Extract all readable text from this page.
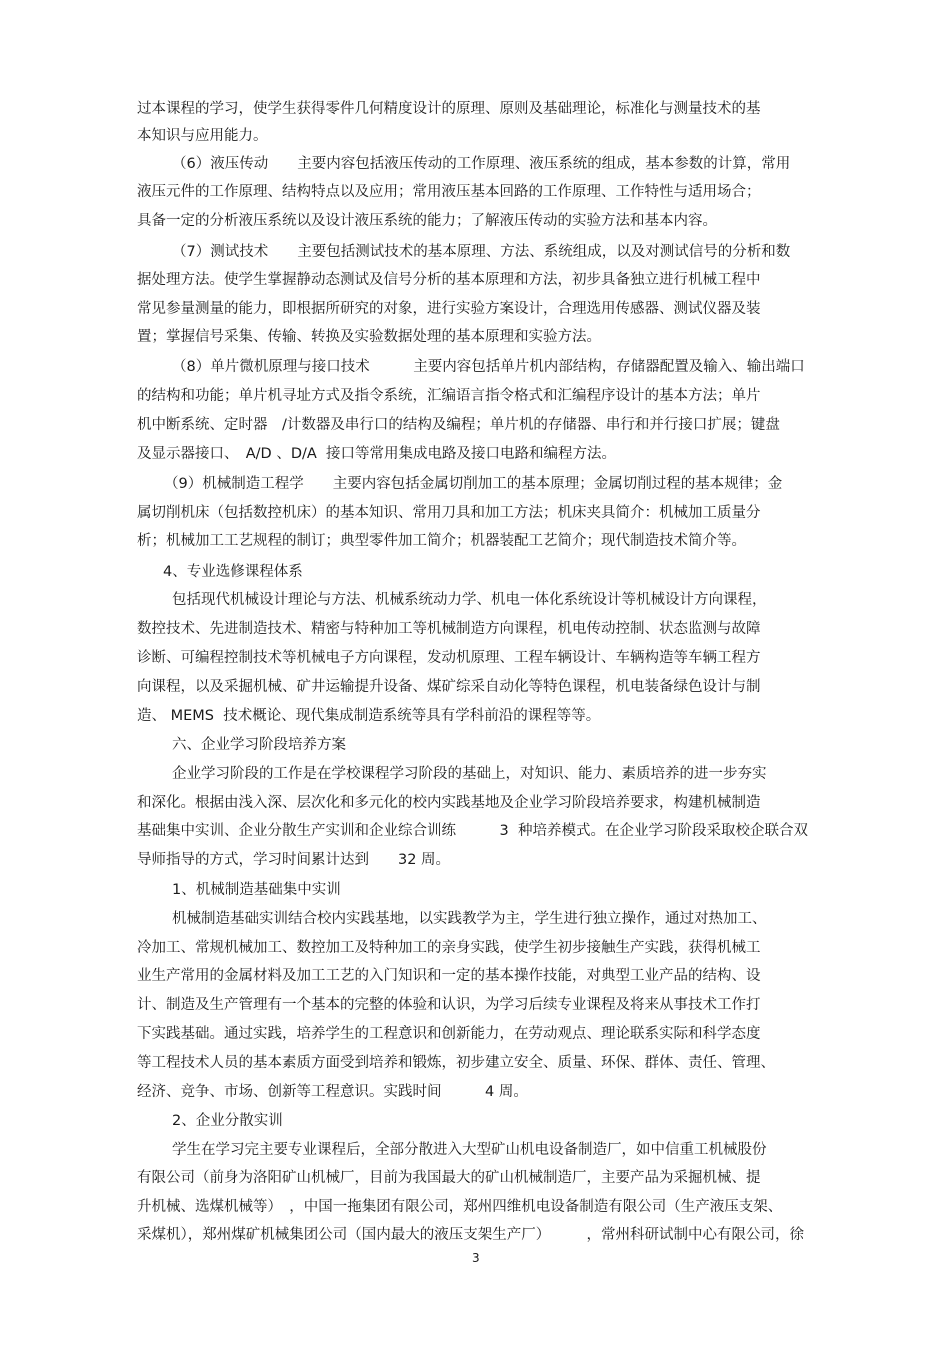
过本课程的学习，使学生获得零件几何精度设计的原理、原则及基础理论，标准化与测量技术的基
本知识与应用能力。
（6）液压传动　　主要内容包括液压传动的工作原理、液压系统的组成，基本参数的计算，常用
液压元件的工作原理、结构特点以及应用；常用液压基本回路的工作原理、工作特性与适用场合；
具备一定的分析液压系统以及设计液压系统的能力；了解液压传动的实验方法和基本内容。
（7）测试技术　　主要包括测试技术的基本原理、方法、系统组成，以及对测试信号的分析和数
据处理方法。使学生掌握静动态测试及信号分析的基本原理和方法，初步具备独立进行机械工程中
常见参量测量的能力，即根据所研究的对象，进行实验方案设计，合理选用传感器、测试仪器及装
置；掌握信号采集、传输、转换及实验数据处理的基本原理和实验方法。
（8）单片微机原理与接口技术　　　主要内容包括单片机内部结构，存储器配置及输入、输出端口
的结构和功能；单片机寻址方式及指令系统，汇编语言指令格式和汇编程序设计的基本方法；单片
机中断系统、定时器　/计数器及串行口的结构及编程；单片机的存储器、串行和并行接口扩展；键盘
及显示器接口、　A/D 、D/A  接口等常用集成电路及接口电路和编程方法。
（9）机械制造工程学　　主要内容包括金属切削加工的基本原理；金属切削过程的基本规律；金
属切削机床（包括数控机床）的基本知识、常用刀具和加工方法；机床夹具简介：机械加工质量分
析；机械加工工艺规程的制订；典型零件加工简介；机器装配工艺简介；现代制造技术简介等。
4、专业选修课程体系
包括现代机械设计理论与方法、机械系统动力学、机电一体化系统设计等机械设计方向课程，
数控技术、先进制造技术、精密与特种加工等机械制造方向课程，机电传动控制、状态监测与故障
诊断、可编程控制技术等机械电子方向课程，发动机原理、工程车辆设计、车辆构造等车辆工程方
向课程，以及采掘机械、矿井运输提升设备、煤矿综采自动化等特色课程，机电装备绿色设计与制
造、 MEMS  技术概论、现代集成制造系统等具有学科前沿的课程等等。
六、企业学习阶段培养方案
企业学习阶段的工作是在学校课程学习阶段的基础上，对知识、能力、素质培养的进一步夯实
和深化。根据由浅入深、层次化和多元化的校内实践基地及企业学习阶段培养要求，构建机械制造
基础集中实训、企业分散生产实训和企业综合训练　　　3  种培养模式。在企业学习阶段采取校企联合双
导师指导的方式，学习时间累计达到　　32 周。
1、机械制造基础集中实训
机械制造基础实训结合校内实践基地，以实践教学为主，学生进行独立操作，通过对热加工、
冷加工、常规机械加工、数控加工及特种加工的亲身实践，使学生初步接触生产实践，获得机械工
业生产常用的金属材料及加工工艺的入门知识和一定的基本操作技能，对典型工业产品的结构、设
计、制造及生产管理有一个基本的完整的体验和认识，为学习后续专业课程及将来从事技术工作打
下实践基础。通过实践，培养学生的工程意识和创新能力，在劳动观点、理论联系实际和科学态度
等工程技术人员的基本素质方面受到培养和锻炼，初步建立安全、质量、环保、群体、责任、管理、
经济、竞争、市场、创新等工程意识。实践时间　　　4 周。
2、企业分散实训
学生在学习完主要专业课程后，全部分散进入大型矿山机电设备制造厂，如中信重工机械股份
有限公司（前身为洛阳矿山机械厂，目前为我国最大的矿山机械制造厂，主要产品为采掘机械、提
升机械、选煤机械等）　，中国一拖集团有限公司，郑州四维机电设备制造有限公司（生产液压支架、
采煤机），郑州煤矿机械集团公司（国内最大的液压支架生产厂）　　　，常州科研试制中心有限公司，徐
3
